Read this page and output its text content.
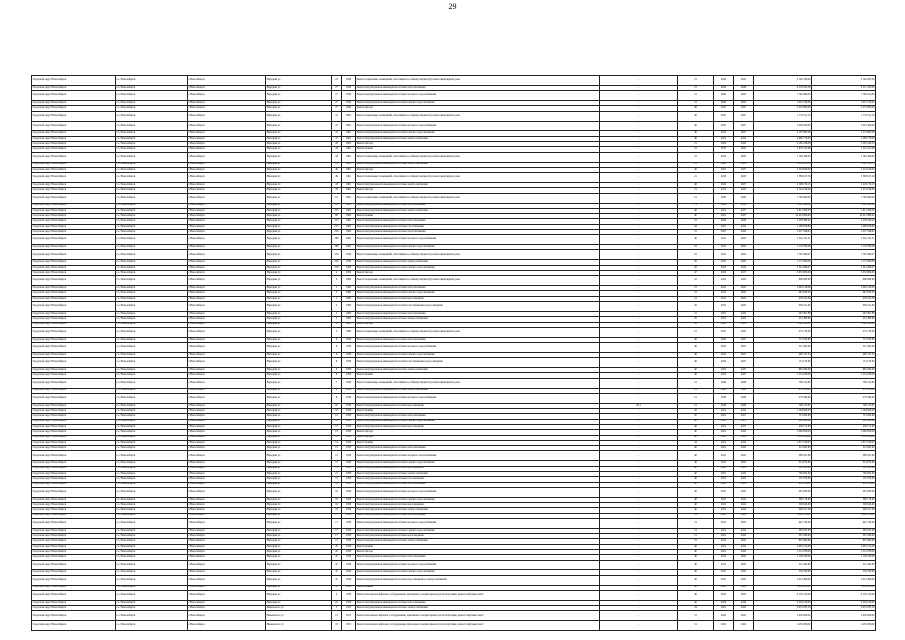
29
Городской округ Новосибирск	г.о. Новосибирск	г.Новосибирск	Народная ул	23	1959	Ремонт подвальных помещений, относящихся к общему имуществу в многоквартирном доме	-	21	2020	2022	2 140 250,00	2 140 487,00
Городской округ Новосибирск	г.о. Новосибирск	г.Новосибирск	Народная ул	27	1959	Ремонт внутридомовой инженерной системы теплоснабжения	-	21	2029	2028	4 533 032,38	4 511 333,00
Городской округ Новосибирск	г.о. Новосибирск	г.Новосибирск	Народная ул	27	1959	Ремонт внутридомовой инженерной системы холодного водоснабжения	-	21	2020	2022	1 740 690,00	1 748 412,00
Городской округ Новосибирск	г.о. Новосибирск	г.Новосибирск	Народная ул	27	1959	Ремонт внутридомовой инженерной системы горячего водоснабжения	-	21	2020	2022	1 622 729,36	1 612 135,02
Городской округ Новосибирск	г.о. Новосибирск	г.Новосибирск	Народная ул	27	1959	Ремонт фасада	-	46	2027	2027	2 218 000,00	2 272 000,00
Городской округ Новосибирск	г.о. Новосибирск	г.Новосибирск	Народная ул	41	1961	Ремонт подвальных помещений, относящихся к общему имуществу в многоквартирном доме	-	40	2021	2027	1 774 511,76	1 774 511,76
Городской округ Новосибирск	г.о. Новосибирск	г.Новосибирск	Народная ул	41	1961	Ремонт внутридомовой инженерной системы холодного водоснабжения	-	40	2021	2027	1 364 182,00	1 041 304,00
Городской округ Новосибирск	г.о. Новосибирск	г.Новосибирск	Народная ул	41	1961	Ремонт внутридомовой инженерной системы горячего водоснабжения	-	40	2021	2027	2 187 993,38	1 213 993,38
Городской округ Новосибирск	г.о. Новосибирск	г.Новосибирск	Народная ул	41	1961	Ремонт внутридомовой инженерной системы электроснабжения	-	40	2021	2022	2 980 770,00	1 588 770,00
Городской округ Новосибирск	г.о. Новосибирск	г.Новосибирск	Народная ул	43	1961	Ремонт фасада	-	21	2022	2022	2 160 186,08	1 205 160,53
Городской округ Новосибирск	г.о. Новосибирск	г.Новосибирск	Народная ул	43	1961	Ремонт крыши	-	21	2027	2022	1 670 211,98	1 512 211,98
Городской округ Новосибирск	г.о. Новосибирск	г.Новосибирск	Народная ул	43	1961	Ремонт подвальных помещений, относящихся к общему имуществу в многоквартирном доме	-	21	2022	2022	1 748 329,30	1 762 458,42
Городской округ Новосибирск	г.о. Новосибирск	г.Новосибирск	Народная ул	61	1961	Ремонт внутридомовой инженерной системы электроснабжения	-	21	2022	2022	2 214 010,16	1 561 510,15
Городской округ Новосибирск	г.о. Новосибирск	г.Новосибирск	Народная ул	49	1961	Ремонт фасада	-	40	2021	2027	2 534 820,09	1 214 019,00
Городской округ Новосибирск	г.о. Новосибирск	г.Новосибирск	Народная ул	49	1961	Ремонт подвальных помещений, относящихся к общему имуществу в многоквартирном доме	-	21	2023	2023	1 386 617,76	1 398 617,28
Городской округ Новосибирск	г.о. Новосибирск	г.Новосибирск	Народная ул	43	1961	Ремонт внутридомовой инженерной системы электроснабжения	-	40	2022	2027	2 198 176,15	1 218 176,15
Городской округ Новосибирск	г.о. Новосибирск	г.Новосибирск	Народная ул	59	1961	Ремонт фасада	-	21	2021	2022	2 744 180,40	1 074 199,84
Городской округ Новосибирск	г.о. Новосибирск	г.Новосибирск	Народная ул	61	1961	Ремонт подвальных помещений, относящихся к общему имуществу в многоквартирном доме	-	21	2020	2020	1 790 000,00	1 790 000,00
Городской округ Новосибирск	г.о. Новосибирск	г.Новосибирск	Народная ул	61	1961	Ремонт внутридомовой инженерной системы теплоснабжения	-	71	2029	2030	1 103 194,50	1 104 363,00
Городской округ Новосибирск	г.о. Новосибирск	г.Новосибирск	Народная ул	63	1961	Ремонт внутридомовой инженерной системы электроснабжения	-	40	2021	2027	2 611 038,30	1 611 038,30
Городской округ Новосибирск	г.о. Новосибирск	г.Новосибирск	Народная ул	69	1962	Ремонт крыши	-	40	2021	2027	10 423 906,60	10 421 888,42
Городской округ Новосибирск	г.о. Новосибирск	г.Новосибирск	Народная ул	213	1962	Ремонт внутридомовой инженерной системы теплоснабжения	-	21	2029	2028	1 238 380,22	1 238 180,22
Городской округ Новосибирск	г.о. Новосибирск	г.Новосибирск	Народная ул	213	1962	Ремонт внутридомовой инженерной системы газоснабжения	-	28	2021	2022	1 186 030,80	1 096 030,80
Городской округ Новосибирск	г.о. Новосибирск	г.Новосибирск	Народная ул	216	1962	Ремонт внутридомовой инженерной системы теплоснабжения	-	21	2027	2022	1 057 548,02	1 057 548,02
Городской округ Новосибирск	г.о. Новосибирск	г.Новосибирск	Народная ул	266	1962	Ремонт внутридомовой инженерной системы холодного водоснабжения	-	40	2021	2022	1 522 121,11	1 522 121,11
Городской округ Новосибирск	г.о. Новосибирск	г.Новосибирск	Народная ул	266	1962	Ремонт внутридомовой инженерной системы горячего водоснабжения	-	61	2021	2022	1 118 780,08	1 118 780,08
Городской округ Новосибирск	г.о. Новосибирск	г.Новосибирск	Народная ул	216	1959	Ремонт подвальных помещений, относящихся к общему имуществу в многоквартирном доме	-	61	2021	2022	1 781 094,07	1 781 094,07
Городской округ Новосибирск	г.о. Новосибирск	г.Новосибирск	Народная ул	216	1959	Ремонт внутридомовой инженерной системы электроснабжения	-	45	2021	2022	1 171 000,00	1 171 000,00
Городской округ Новосибирск	г.о. Новосибирск	г.Новосибирск	Народная ул	216	1959	Ремонт внутридомовой инженерной системы горячего водоснабжения	-	45	2021	2022	1 341 096,07	1 341 096,07
Городской округ Новосибирск	г.о. Новосибирск	г.Новосибирск	Народная ул	2	1959	Ремонт фасада	-	47	2022	2027	3 653 082,00	1 052 862,00
Городской округ Новосибирск	г.о. Новосибирск	г.Новосибирск	Народная ул	3	1960	Ремонт подвальных помещений, относящихся к общему имуществу в многоквартирном доме	-	41	2021	2022	906 080,00	906 080,00
Городской округ Новосибирск	г.о. Новосибирск	г.Новосибирск	Народная ул	2	1960	Ремонт внутридомовой инженерной системы теплоснабжения	-	21	2021	2022	1 962 158,09	1 962 210,00
Городской округ Новосибирск	г.о. Новосибирск	г.Новосибирск	Народная ул	2	1960	Ремонт внутридомовой инженерной системы горячего водоснабжения	-	21	2021	2022	482 059,53	462 059,53
Городской округ Новосибирск	г.о. Новосибирск	г.Новосибирск	Народная ул	2	1960	Ремонт внутридомовой инженерной системы водоотведения	-	21	2021	2022	276 012,59	276 012,59
Городской округ Новосибирск	г.о. Новосибирск	г.Новосибирск	Народная ул	2	1960	Ремонт внутридомовой инженерной системы газоснабжения и водоотведения	-	20	2021	2022	330 101,00	330 101,00
Городской округ Новосибирск	г.о. Новосибирск	г.Новосибирск	Народная ул	2	1960	Ремонт внутридомовой инженерной системы теплоснабжения	-	21	2021	2022	281 097,88	281 097,88
Городской округ Новосибирск	г.о. Новосибирск	г.Новосибирск	Народная ул	2	1960	Ремонт внутридомовой инженерной системы электроснабжения	-	20	2021	2022	251 480,00	251 480,00
Городской округ Новосибирск	г.о. Новосибирск	г.Новосибирск	Народная ул	4	1960	Ремонт фасада	-	43	2021	2022	1 161 593,00	1 161 593,00
Городской округ Новосибирск	г.о. Новосибирск	г.Новосибирск	Народная ул	5	1960	Ремонт подвальных помещений, относящихся к общему имуществу в многоквартирном доме	-	21	2021	2022	372 178,03	372 178,03
Городской округ Новосибирск	г.о. Новосибирск	г.Новосибирск	Народная ул	6	1958	Ремонт внутридомовой инженерной системы теплоснабжения	-	40	2022	2027	713 250,80	713 250,80
Городской округ Новосибирск	г.о. Новосибирск	г.Новосибирск	Народная ул	6	1958	Ремонт внутридомовой инженерной системы холодного водоснабжения	-	40	2022	2027	512 563,00	512 563,00
Городской округ Новосибирск	г.о. Новосибирск	г.Новосибирск	Народная ул	6	1958	Ремонт внутридомовой инженерной системы горячего водоснабжения	-	40	2022	2027	280 727,53	280 727,53
Городской округ Новосибирск	г.о. Новосибирск	г.Новосибирск	Народная ул	6	1958	Ремонт внутридомовой инженерной системы газоснабжения и водоотведения	-	40	2022	2027	131 153,00	131 153,00
Городской округ Новосибирск	г.о. Новосибирск	г.Новосибирск	Народная ул	6	1958	Ремонт внутридомовой инженерной системы электроснабжения	-	40	2022	2027	665 826,00	665 826,00
Городской округ Новосибирск	г.о. Новосибирск	г.Новосибирск	Народная ул	6	1958	Ремонт крыши	-	40	2022	2027	1 554 230,00	1 554 230,00
Городской округ Новосибирск	г.о. Новосибирск	г.Новосибирск	Народная ул	7	1958	Ремонт подвальных помещений, относящихся к общему имуществу в многоквартирном доме	-	21	2028	2028	780 154,00	780 154,00
Городской округ Новосибирск	г.о. Новосибирск	г.Новосибирск	Народная ул	8	1958	Ремонт внутридомовой инженерной системы электроснабжения	-	21	2028	2028	872 102,03	872 102,03
Городской округ Новосибирск	г.о. Новосибирск	г.Новосибирск	Народная ул	8	1958	Ремонт внутридомовой инженерной системы холодного водоснабжения	-	21	2028	2028	276 286,00	276 286,00
Городской округ Новосибирск	г.о. Новосибирск	г.Новосибирск	Народная ул	10	1958	Ремонт внутридомовой инженерной системы водоотведения	20,1	21	2028	2028	760 135,07	760 135,07
Городской округ Новосибирск	г.о. Новосибирск	г.Новосибирск	Народная ул	10	1958	Ремонт крыши	-	45	2021	2022	1 164 993,00	1 164 993,00
Городской округ Новосибирск	г.о. Новосибирск	г.Новосибирск	Народная ул	12	1958	Ремонт внутридомовой инженерной системы теплоснабжения	-	50	2021	2027	713 262,00	713 262,00
Городской округ Новосибирск	г.о. Новосибирск	г.Новосибирск	Народная ул	13	1958	Ремонт внутридомовой инженерной системы горячего водоснабжения	-	40	2021	2027	285 080,00	285 080,00
Городской округ Новосибирск	г.о. Новосибирск	г.Новосибирск	Народная ул	13	1958	Ремонт внутридомовой инженерной системы водоотведения	-	40	2021	2027	258 172,00	258 172,00
Городской округ Новосибирск	г.о. Новосибирск	г.Новосибирск	Народная ул	13	1958	Ремонт фасада	-	40	2021	2022	1 066 000,00	1 066 000,00
Городской округ Новосибирск	г.о. Новосибирск	г.Новосибирск	Народная ул	13	1958	Ремонт фасада	-	40	2021	2022	1 132 128,00	1 132 128,00
Городской округ Новосибирск	г.о. Новосибирск	г.Новосибирск	Народная ул	14	1958	Ремонт крыши	-	43	2021	2022	1 871 100,93	1 871 100,93
Городской округ Новосибирск	г.о. Новосибирск	г.Новосибирск	Народная ул	15	1958	Ремонт внутридомовой инженерной системы теплоснабжения	-	40	2021	2022	212 062,00	212 062,00
Городской округ Новосибирск	г.о. Новосибирск	г.Новосибирск	Народная ул	15	1958	Ремонт внутридомовой инженерной системы холодного водоснабжения	-	40	2021	2022	380 351,00	380 351,00
Городской округ Новосибирск	г.о. Новосибирск	г.Новосибирск	Народная ул	15	1958	Ремонт внутридомовой инженерной системы горячего водоснабжения	-	40	2021	2022	314 070,00	314 070,00
Городской округ Новосибирск	г.о. Новосибирск	г.Новосибирск	Народная ул	15	1958	Ремонт внутридомовой инженерной системы водоотведения	-	40	2021	2022	195 180,00	195 180,00
Городской округ Новосибирск	г.о. Новосибирск	г.Новосибирск	Народная ул	15	1958	Ремонт внутридомовой инженерной системы электроснабжения	-	40	2021	2022	766 852,00	766 852,00
Городской округ Новосибирск	г.о. Новосибирск	г.Новосибирск	Народная ул	15	1958	Ремонт внутридомовой инженерной системы газоснабжения	-	40	2021	2022	153 276,00	153 276,00
Городской округ Новосибирск	г.о. Новосибирск	г.Новосибирск	Народная ул	16	1958	Ремонт внутридомовой инженерной системы теплоснабжения	-	40	2021	2022	811 216,00	811 216,00
Городской округ Новосибирск	г.о. Новосибирск	г.Новосибирск	Народная ул	16	1958	Ремонт внутридомовой инженерной системы холодного водоснабжения	-	40	2021	2022	381 090,00	381 090,00
Городской округ Новосибирск	г.о. Новосибирск	г.Новосибирск	Народная ул	16	1958	Ремонт внутридомовой инженерной системы горячего водоснабжения	-	40	2021	2022	380 170,00	380 170,00
Городской округ Новосибирск	г.о. Новосибирск	г.Новосибирск	Народная ул	16	1958	Ремонт внутридомовой инженерной системы водоотведения	-	40	2021	2022	506 626,00	506 626,00
Городской округ Новосибирск	г.о. Новосибирск	г.Новосибирск	Народная ул	16	1958	Ремонт внутридомовой инженерной системы электроснабжения	-	40	2021	2022	506 017,00	506 017,00
Городской округ Новосибирск	г.о. Новосибирск	г.Новосибирск	Народная ул	17	1958	Ремонт внутридомовой инженерной системы теплоснабжения	-	51	2021	2022	1 029 272,00	1 029 272,00
Городской округ Новосибирск	г.о. Новосибирск	г.Новосибирск	Народная ул	17	1958	Ремонт внутридомовой инженерной системы холодного водоснабжения	-	51	2021	2022	445 740,00	445 740,00
Городской округ Новосибирск	г.о. Новосибирск	г.Новосибирск	Народная ул	17	1958	Ремонт внутридомовой инженерной системы горячего водоснабжения	-	51	2021	2022	383 193,00	383 193,00
Городской округ Новосибирск	г.о. Новосибирск	г.Новосибирск	Народная ул	17	1958	Ремонт внутридомовой инженерной системы водоотведения	-	51	2021	2022	307 206,00	307 206,00
Городской округ Новосибирск	г.о. Новосибирск	г.Новосибирск	Народная ул	17	1958	Ремонт внутридомовой инженерной системы электроснабжения	-	51	2021	2022	835 960,00	835 960,00
Городской округ Новосибирск	г.о. Новосибирск	г.Новосибирск	Народная ул	20	1958	Ремонт крыши	-	40	2021	2022	2 005 152,00	2 005 152,00
Городской округ Новосибирск	г.о. Новосибирск	г.Новосибирск	Народная ул	45	1958	Ремонт фасада	-	40	2021	2022	1 512 078,00	1 512 078,00
Городской округ Новосибирск	г.о. Новосибирск	г.Новосибирск	Народная ул	47	1958	Ремонт внутридомовой инженерной системы теплоснабжения	-	40	2021	2022	1 103 183,00	1 103 183,00
Городской округ Новосибирск	г.о. Новосибирск	г.Новосибирск	Народная ул	47	1958	Ремонт внутридомовой инженерной системы холодного водоснабжения	-	40	2021	2022	512 260,00	512 260,00
Городской округ Новосибирск	г.о. Новосибирск	г.Новосибирск	Народная ул	47	1958	Ремонт внутридомовой инженерной системы горячего водоснабжения	-	40	2021	2022	534 550,00	534 550,00
Городской округ Новосибирск	г.о. Новосибирск	г.Новосибирск	Народная ул	47	1958	Ремонт внутридомовой инженерной системы водоотведения и электроснабжения	-	40	2021	2022	2 012 460,00	2 012 460,00
Городской округ Новосибирск	г.о. Новосибирск	г.Новосибирск	Народная ул	47	1958	Ремонт крыши	-	40	2021	2022	1 038 611,00	1 038 611,00
Городской округ Новосибирск	г.о. Новосибирск	г.Новосибирск	Народная ул	b	1958	Ремонт или замена лифтового оборудования, признанного непригодным для эксплуатации, ремонт лифтовых шахт	-	40	2022	2022	4 150 132,00	4 150 132,00
Городской округ Новосибирск	г.о. Новосибирск	г.Новосибирск	Народная ул	16	1958	Ремонт внутридомовой инженерной системы теплоснабжения	-	40	2020	2020	3 329 120,00	3 329 120,00
Городской округ Новосибирск	г.о. Новосибирск	г.Новосибирск	Невельского ул	3	1972	Ремонт внутридомовой инженерной системы электроснабжения	-	24	2021	2022	2 953 035,50	2 953 035,50
Городской округ Новосибирск	г.о. Новосибирск	г.Новосибирск	Невельского ул	13	1972	Ремонт или замена лифтового оборудования, признанного непригодным для эксплуатации, ремонт лифтовых шахт	-	51	2022	2022	2 450 000,00	2 450 000,00
Городской округ Новосибирск	г.о. Новосибирск	г.Новосибирск	Невельского ул	18	1972	Ремонт или замена лифтового оборудования, признанного непригодным для эксплуатации, ремонт лифтовых шахт	-	51	2022	2022	2 450 000,00	2 450 000,00
